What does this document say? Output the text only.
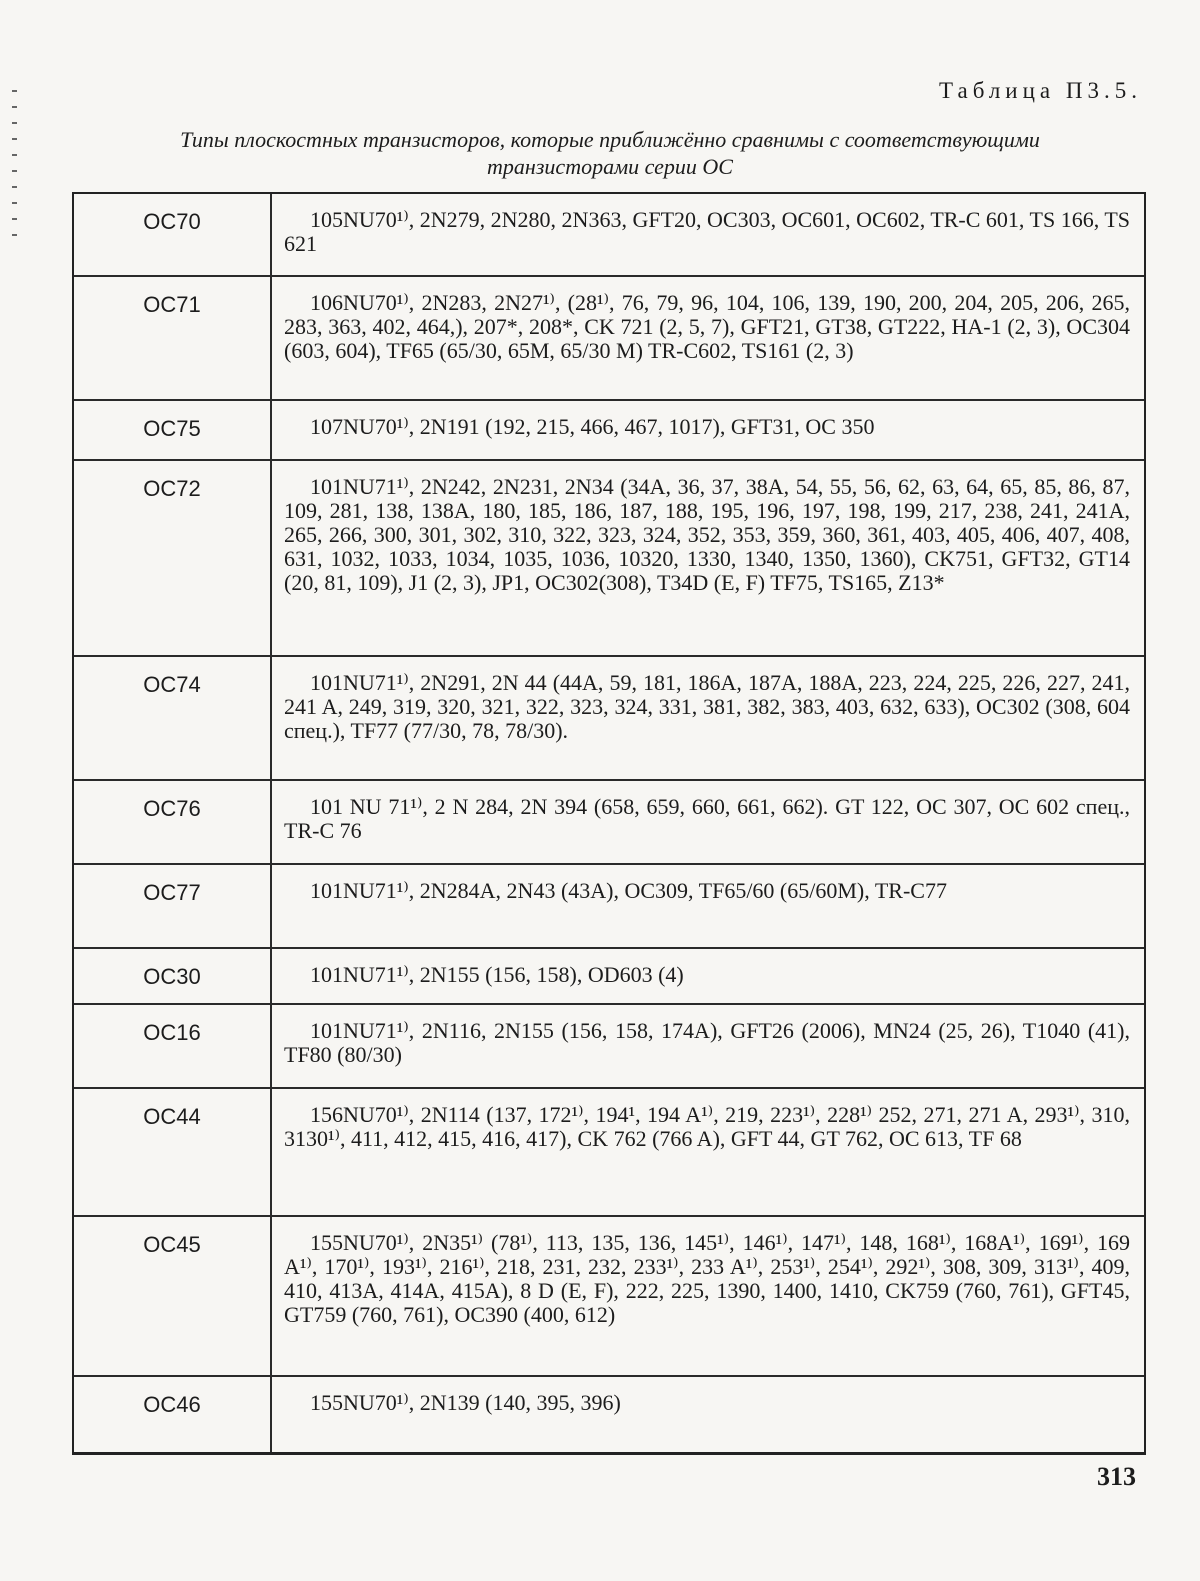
Таблица П3.5.
Типы плоскостных транзисторов, которые приближённо сравнимы с соответствующими
транзисторами серии ОС
OC70	105NU70¹⁾, 2N279, 2N280, 2N363, GFT20, OC303, OC601, OC602, TR-C 601, TS 166, TS 621
OC71	106NU70¹⁾, 2N283, 2N27¹⁾, (28¹⁾, 76, 79, 96, 104, 106, 139, 190, 200, 204, 205, 206, 265, 283, 363, 402, 464,), 207*, 208*, CK 721 (2, 5, 7), GFT21, GT38, GT222, HA-1 (2, 3), OC304 (603, 604), TF65 (65/30, 65M, 65/30 M) TR-C602, TS161 (2, 3)
OC75	107NU70¹⁾, 2N191 (192, 215, 466, 467, 1017), GFT31, OC 350
OC72	101NU71¹⁾, 2N242, 2N231, 2N34 (34A, 36, 37, 38A, 54, 55, 56, 62, 63, 64, 65, 85, 86, 87, 109, 281, 138, 138A, 180, 185, 186, 187, 188, 195, 196, 197, 198, 199, 217, 238, 241, 241A, 265, 266, 300, 301, 302, 310, 322, 323, 324, 352, 353, 359, 360, 361, 403, 405, 406, 407, 408, 631, 1032, 1033, 1034, 1035, 1036, 10320, 1330, 1340, 1350, 1360), CK751, GFT32, GT14 (20, 81, 109), J1 (2, 3), JP1, OC302(308), T34D (E, F) TF75, TS165, Z13*
OC74	101NU71¹⁾, 2N291, 2N 44 (44A, 59, 181, 186A, 187A, 188A, 223, 224, 225, 226, 227, 241, 241 A, 249, 319, 320, 321, 322, 323, 324, 331, 381, 382, 383, 403, 632, 633), OC302 (308, 604 спец.), TF77 (77/30, 78, 78/30).
OC76	101 NU 71¹⁾, 2 N 284, 2N 394 (658, 659, 660, 661, 662). GT 122, OC 307, OC 602 спец., TR-C 76
OC77	101NU71¹⁾, 2N284A, 2N43 (43A), OC309, TF65/60 (65/60M), TR-C77
OC30	101NU71¹⁾, 2N155 (156, 158), OD603 (4)
OC16	101NU71¹⁾, 2N116, 2N155 (156, 158, 174A), GFT26 (2006), MN24 (25, 26), T1040 (41), TF80 (80/30)
OC44	156NU70¹⁾, 2N114 (137, 172¹⁾, 194¹, 194 A¹⁾, 219, 223¹⁾, 228¹⁾ 252, 271, 271 A, 293¹⁾, 310, 3130¹⁾, 411, 412, 415, 416, 417), CK 762 (766 A), GFT 44, GT 762, OC 613, TF 68
OC45	155NU70¹⁾, 2N35¹⁾ (78¹⁾, 113, 135, 136, 145¹⁾, 146¹⁾, 147¹⁾, 148, 168¹⁾, 168A¹⁾, 169¹⁾, 169 A¹⁾, 170¹⁾, 193¹⁾, 216¹⁾, 218, 231, 232, 233¹⁾, 233 A¹⁾, 253¹⁾, 254¹⁾, 292¹⁾, 308, 309, 313¹⁾, 409, 410, 413A, 414A, 415A), 8 D (E, F), 222, 225, 1390, 1400, 1410, CK759 (760, 761), GFT45, GT759 (760, 761), OC390 (400, 612)
OC46	155NU70¹⁾, 2N139 (140, 395, 396)
313
